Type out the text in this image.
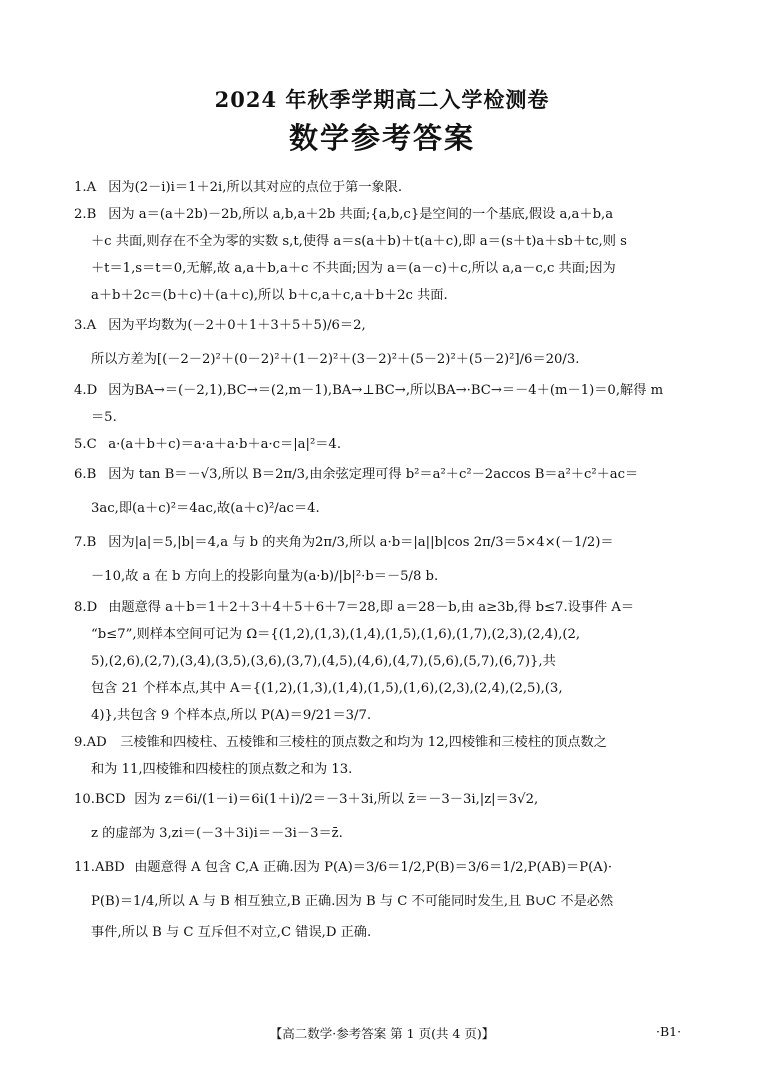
2024 年秋季学期高二入学检测卷
数学参考答案
1.A 因为(2－i)i＝1＋2i,所以其对应的点位于第一象限.
2.B 因为 a＝(a＋2b)－2b,所以 a,b,a＋2b 共面;{a,b,c}是空间的一个基底,假设 a,a＋b,a
＋c 共面,则存在不全为零的实数 s,t,使得 a＝s(a＋b)＋t(a＋c),即 a＝(s＋t)a＋sb＋tc,则 s
＋t＝1,s＝t＝0,无解,故 a,a＋b,a＋c 不共面;因为 a＝(a－c)＋c,所以 a,a－c,c 共面;因为
a＋b＋2c＝(b＋c)＋(a＋c),所以 b＋c,a＋c,a＋b＋2c 共面.
3.A 因为平均数为(－2＋0＋1＋3＋5＋5)/6＝2,
所以方差为[(－2－2)²＋(0－2)²＋(1－2)²＋(3－2)²＋(5－2)²＋(5－2)²]/6＝20/3.
4.D 因为BA→＝(－2,1),BC→＝(2,m－1),BA→⊥BC→,所以BA→·BC→＝－4＋(m－1)＝0,解得 m
＝5.
5.C a·(a＋b＋c)＝a·a＋a·b＋a·c＝|a|²＝4.
6.B 因为 tan B＝－√3,所以 B＝2π/3,由余弦定理可得 b²＝a²＋c²－2accos B＝a²＋c²＋ac＝
3ac,即(a＋c)²＝4ac,故(a＋c)²/ac＝4.
7.B 因为|a|＝5,|b|＝4,a 与 b 的夹角为2π/3,所以 a·b＝|a||b|cos 2π/3＝5×4×(－1/2)＝
－10,故 a 在 b 方向上的投影向量为(a·b)/|b|²·b＝－5/8 b.
8.D 由题意得 a＋b＝1＋2＋3＋4＋5＋6＋7＝28,即 a＝28－b,由 a≥3b,得 b≤7.设事件 A＝
“b≤7”,则样本空间可记为 Ω＝{(1,2),(1,3),(1,4),(1,5),(1,6),(1,7),(2,3),(2,4),(2,
5),(2,6),(2,7),(3,4),(3,5),(3,6),(3,7),(4,5),(4,6),(4,7),(5,6),(5,7),(6,7)},共
包含 21 个样本点,其中 A＝{(1,2),(1,3),(1,4),(1,5),(1,6),(2,3),(2,4),(2,5),(3,
4)},共包含 9 个样本点,所以 P(A)＝9/21＝3/7.
9.AD 三棱锥和四棱柱、五棱锥和三棱柱的顶点数之和均为 12,四棱锥和三棱柱的顶点数之
和为 11,四棱锥和四棱柱的顶点数之和为 13.
10.BCD 因为 z＝6i/(1－i)＝6i(1＋i)/2＝－3＋3i,所以 z̄＝－3－3i,|z|＝3√2,
z 的虚部为 3,zi＝(－3＋3i)i＝－3i－3＝z̄.
11.ABD 由题意得 A 包含 C,A 正确.因为 P(A)＝3/6＝1/2,P(B)＝3/6＝1/2,P(AB)＝P(A)·
P(B)＝1/4,所以 A 与 B 相互独立,B 正确.因为 B 与 C 不可能同时发生,且 B∪C 不是必然
事件,所以 B 与 C 互斥但不对立,C 错误,D 正确.
【高二数学·参考答案 第 1 页(共 4 页)】	·B1·
